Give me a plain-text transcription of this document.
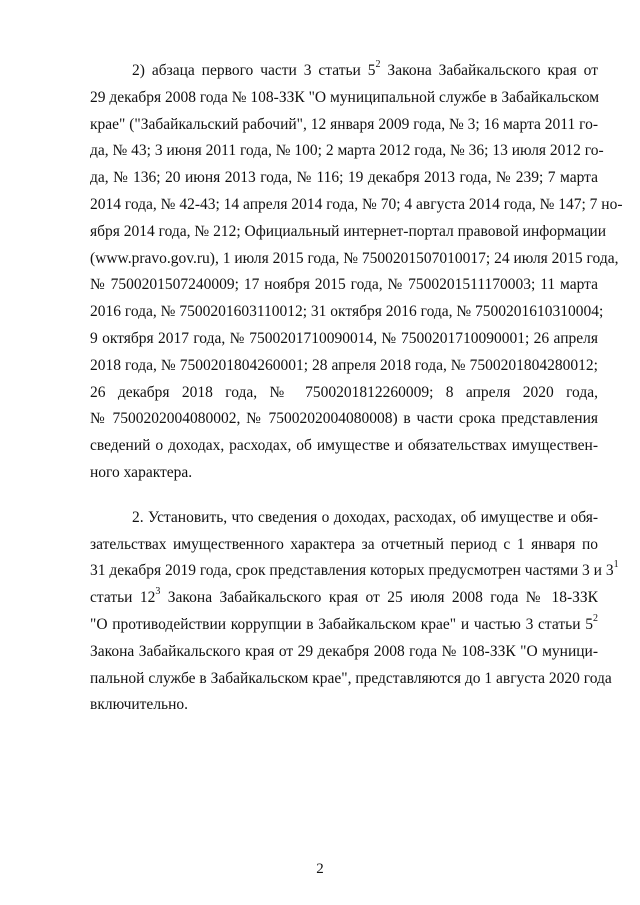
2) абзаца первого части 3 статьи $5^2$ Закона Забайкальского края от
29 декабря 2008 года № 108-ЗЗК "О муниципальной службе в Забайкальском
крае" ("Забайкальский рабочий", 12 января 2009 года, № 3; 16 марта 2011 го-
да, № 43; 3 июня 2011 года, № 100; 2 марта 2012 года, № 36; 13 июля 2012 го-
да, № 136; 20 июня 2013 года, № 116; 19 декабря 2013 года, № 239; 7 марта
2014 года, № 42-43; 14 апреля 2014 года, № 70; 4 августа 2014 года, № 147; 7 но-
ября 2014 года, № 212; Официальный интернет-портал правовой информации
(www.pravo.gov.ru), 1 июля 2015 года, № 7500201507010017; 24 июля 2015 года,
№ 7500201507240009; 17 ноября 2015 года, № 7500201511170003; 11 марта
2016 года, № 7500201603110012; 31 октября 2016 года, № 7500201610310004;
9 октября 2017 года, № 7500201710090014, № 7500201710090001; 26 апреля
2018 года, № 7500201804260001; 28 апреля 2018 года, № 7500201804280012;
26 декабря 2018 года, № 7500201812260009; 8 апреля 2020 года,
№ 7500202004080002, № 7500202004080008) в части срока представления
сведений о доходах, расходах, об имуществе и обязательствах имуществен-
ного характера.

2. Установить, что сведения о доходах, расходах, об имуществе и обя-
зательствах имущественного характера за отчетный период с 1 января по
31 декабря 2019 года, срок представления которых предусмотрен частями 3 и $3^1$
статьи $12^3$ Закона Забайкальского края от 25 июля 2008 года № 18-ЗЗК
"О противодействии коррупции в Забайкальском крае" и частью 3 статьи $5^2$
Закона Забайкальского края от 29 декабря 2008 года № 108-ЗЗК "О муници-
пальной службе в Забайкальском крае", представляются до 1 августа 2020 года
включительно.

2
